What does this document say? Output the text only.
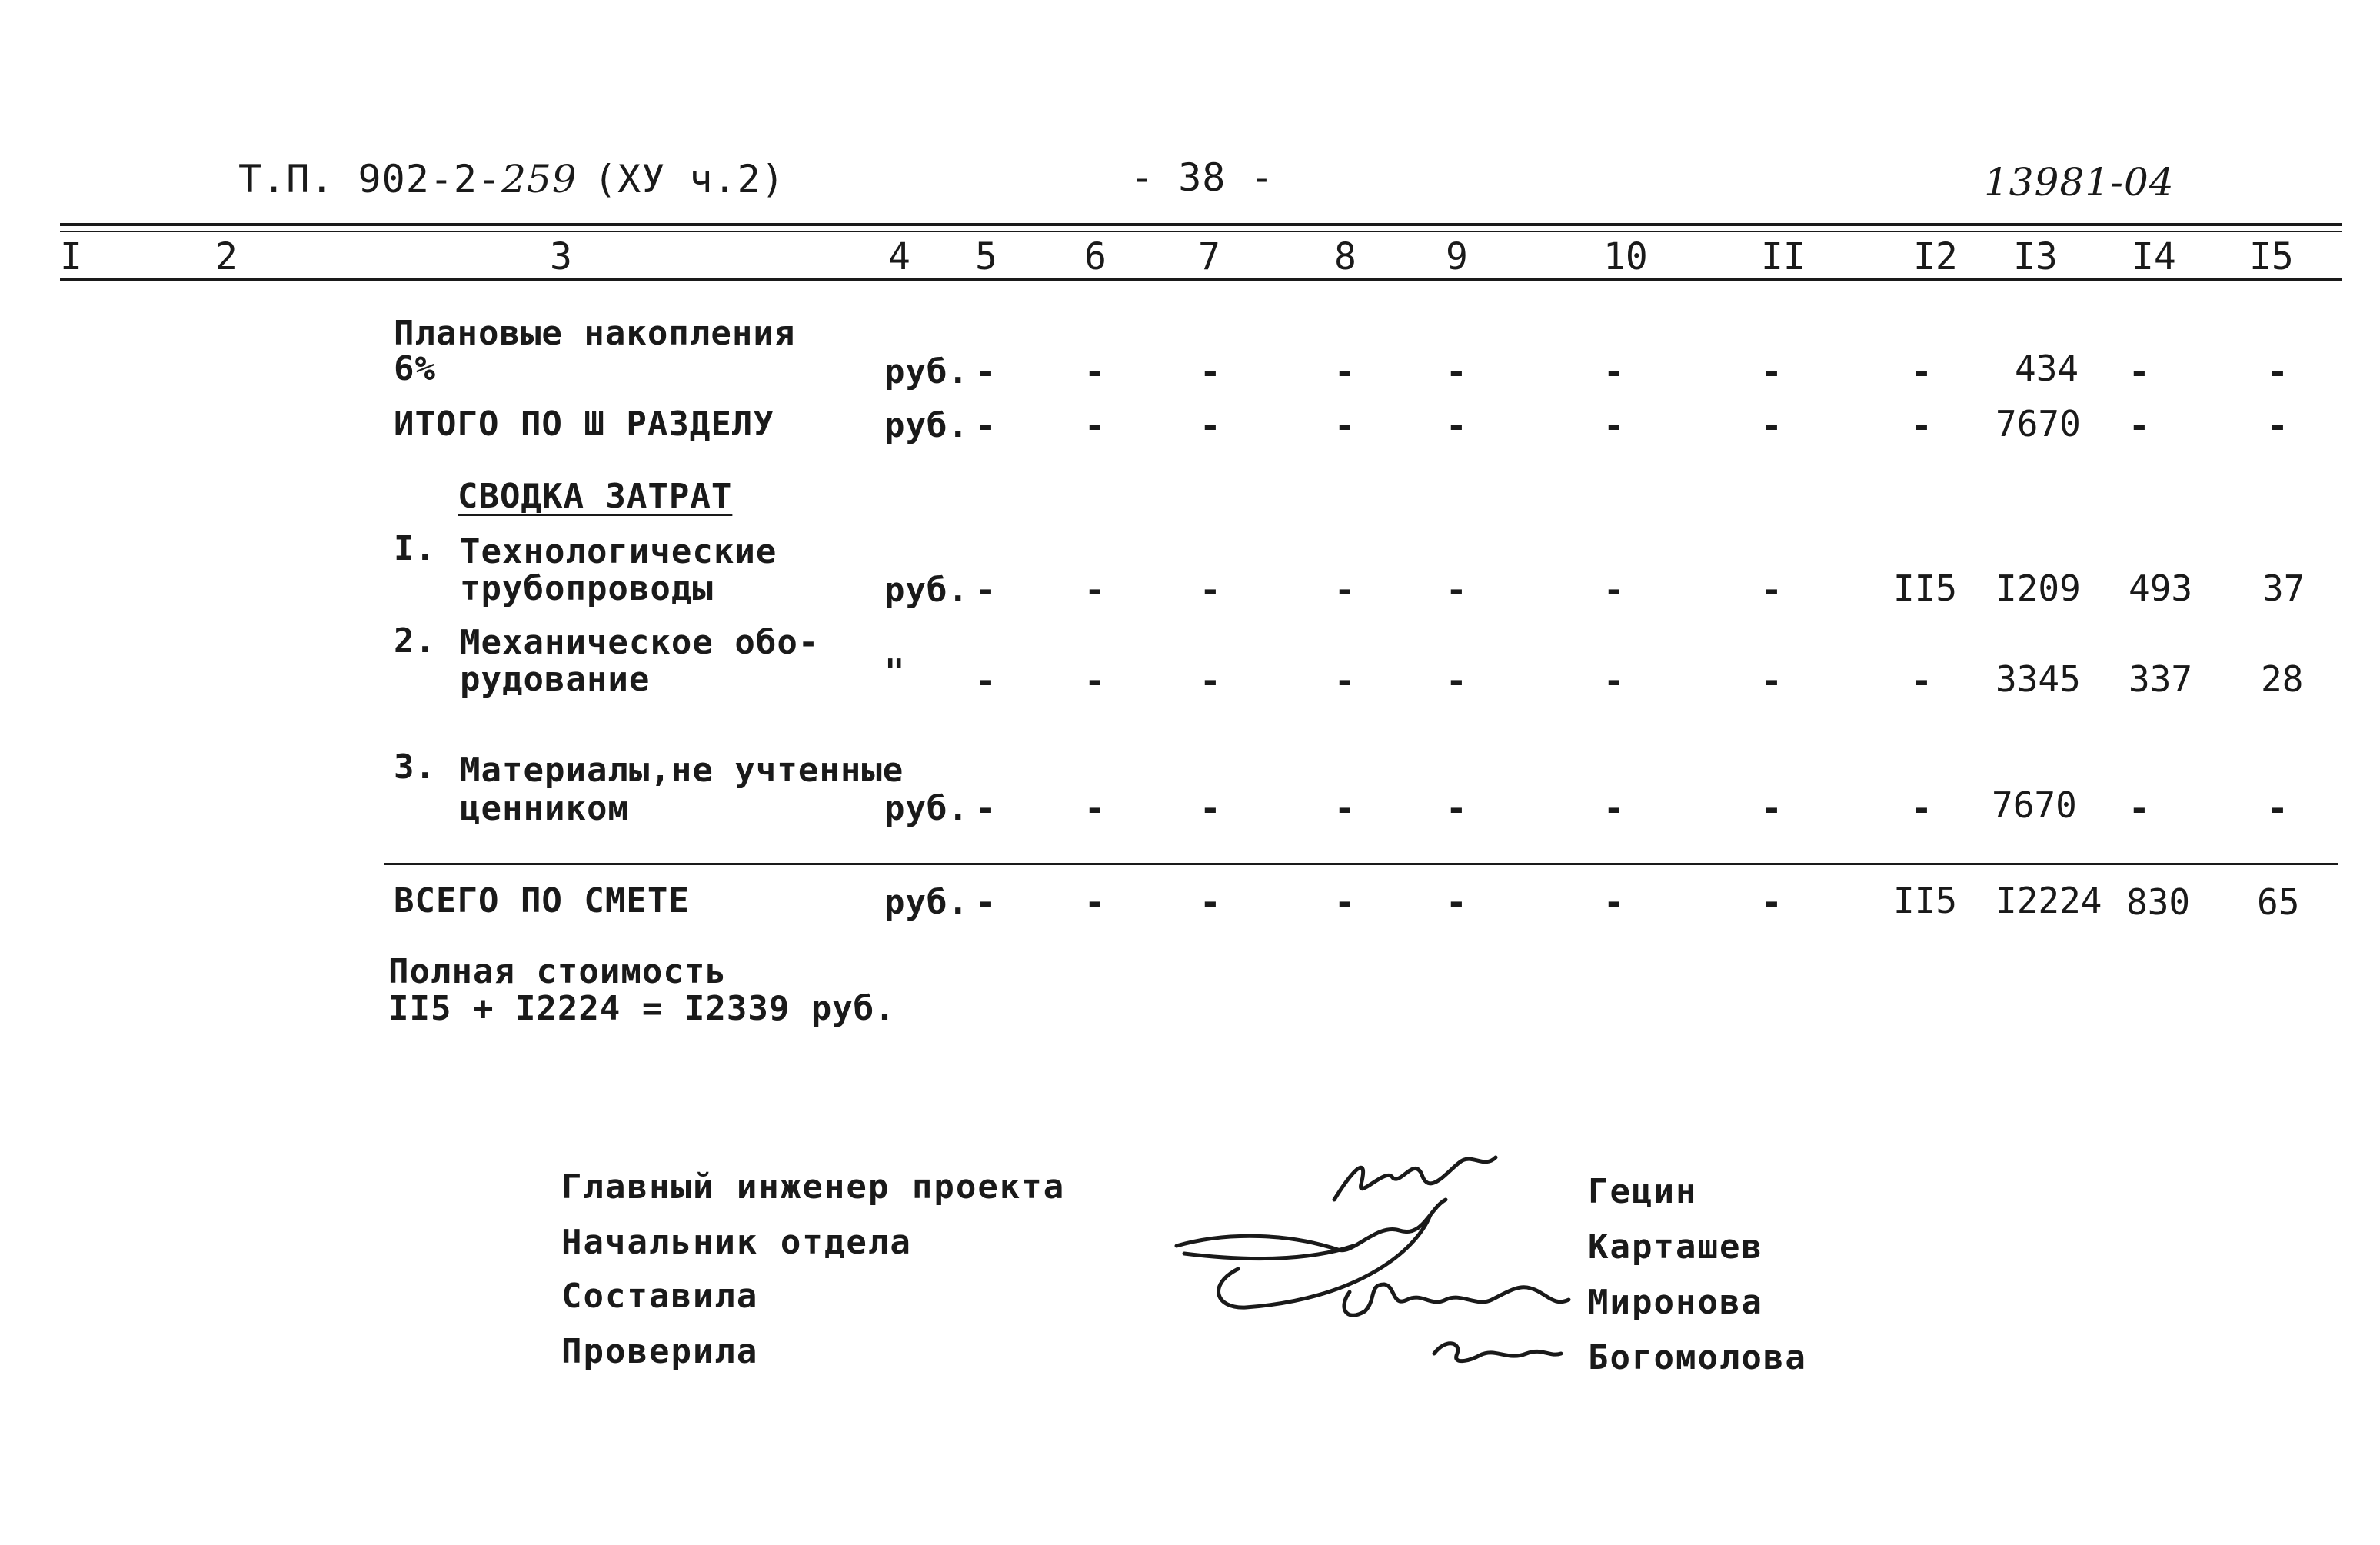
Т.П. 902-2-259 (ХУ ч.2)	- 38 -	13981-04
I	2	3	4 5 6 7	8 9	10	II	I2 I3 I4 I5
Плановые накопления
6%	руб. - -	-	-	-	-	-	- 434 -	-
ИТОГО ПО Ш РАЗДЕЛУ	руб. - -	-	-	-	-	-	- 7670 -	-
СВОДКА ЗАТРАТ
I. Технологические
трубопроводы	руб. - -	-	-	-	-	-	II5 I209 493 37
2. Механическое обо-
рудование	" - -	-	-	-	-	-	- 3345 337 28
3. Материалы,не учтенные
ценником	руб. - -	-	-	-	-	-	- 7670 -	-
ВСЕГО ПО СМЕТЕ	руб. - -	-	-	-	-	-	II5 I2224 830 65
Полная стоимость
II5 + I2224 = I2339 руб.
Главный инженер проекта
Начальник отдела
Составила
Проверила
Гецин
Карташев
Миронова
Богомолова
